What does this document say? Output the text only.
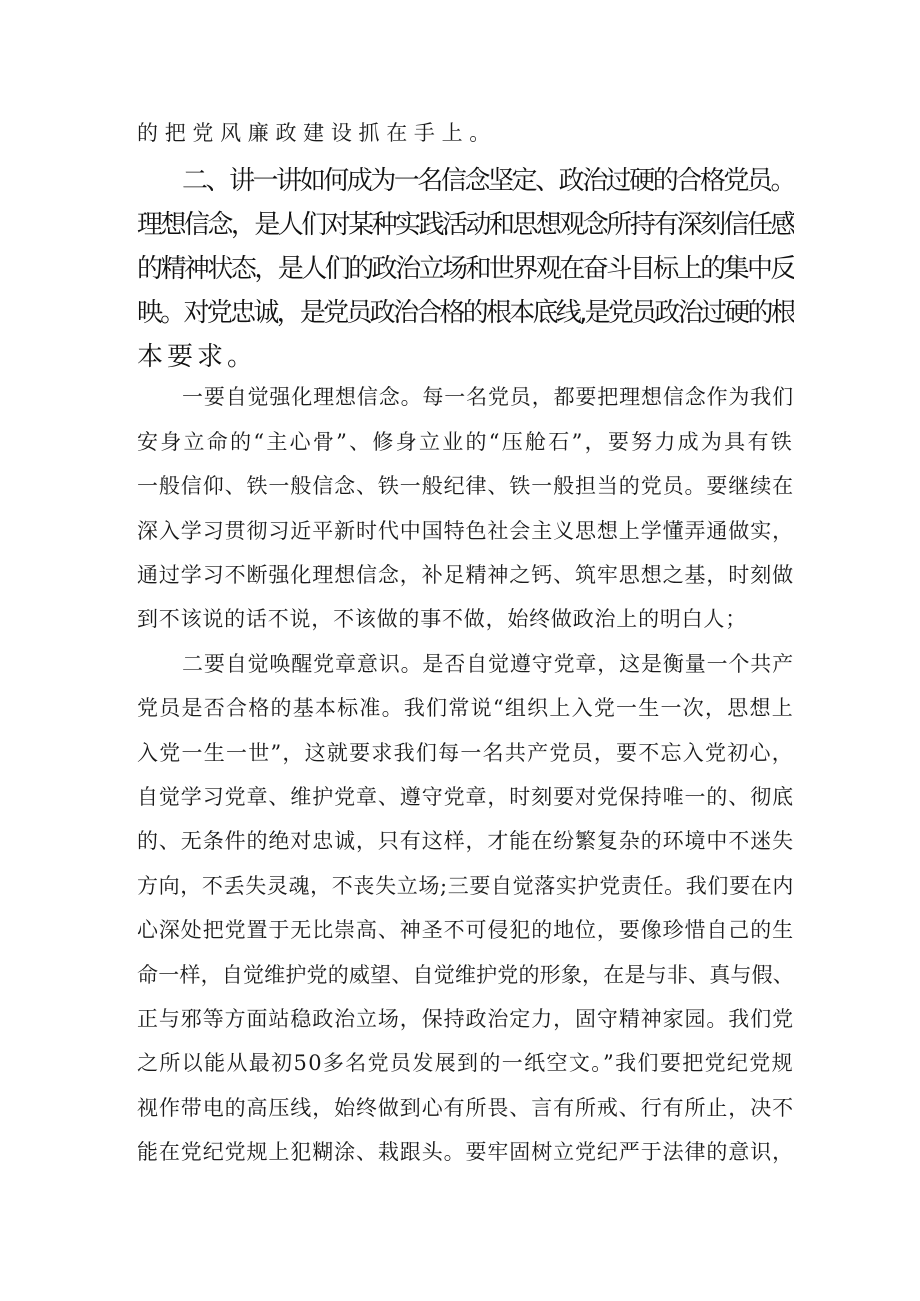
的把党风廉政建设抓在手上。
二、讲一讲如何成为一名信念坚定、政治过硬的合格党员。
理想信念，是人们对某种实践活动和思想观念所持有深刻信任感
的精神状态，是人们的政治立场和世界观在奋斗目标上的集中反
映。对党忠诚，是党员政治合格的根本底线,是党员政治过硬的根
本要求。
一要自觉强化理想信念。每一名党员，都要把理想信念作为我们
安身立命的“主心骨”、修身立业的“压舱石”，要努力成为具有铁
一般信仰、铁一般信念、铁一般纪律、铁一般担当的党员。要继续在
深入学习贯彻习近平新时代中国特色社会主义思想上学懂弄通做实，
通过学习不断强化理想信念，补足精神之钙、筑牢思想之基，时刻做
到不该说的话不说，不该做的事不做，始终做政治上的明白人；
二要自觉唤醒党章意识。是否自觉遵守党章，这是衡量一个共产
党员是否合格的基本标准。我们常说“组织上入党一生一次，思想上
入党一生一世”，这就要求我们每一名共产党员，要不忘入党初心，
自觉学习党章、维护党章、遵守党章，时刻要对党保持唯一的、彻底
的、无条件的绝对忠诚，只有这样，才能在纷繁复杂的环境中不迷失
方向，不丢失灵魂，不丧失立场;三要自觉落实护党责任。我们要在内
心深处把党置于无比崇高、神圣不可侵犯的地位，要像珍惜自己的生
命一样，自觉维护党的威望、自觉维护党的形象，在是与非、真与假、
正与邪等方面站稳政治立场，保持政治定力，固守精神家园。我们党
之所以能从最初50多名党员发展到的一纸空文。”我们要把党纪党规
视作带电的高压线，始终做到心有所畏、言有所戒、行有所止，决不
能在党纪党规上犯糊涂、栽跟头。要牢固树立党纪严于法律的意识，
